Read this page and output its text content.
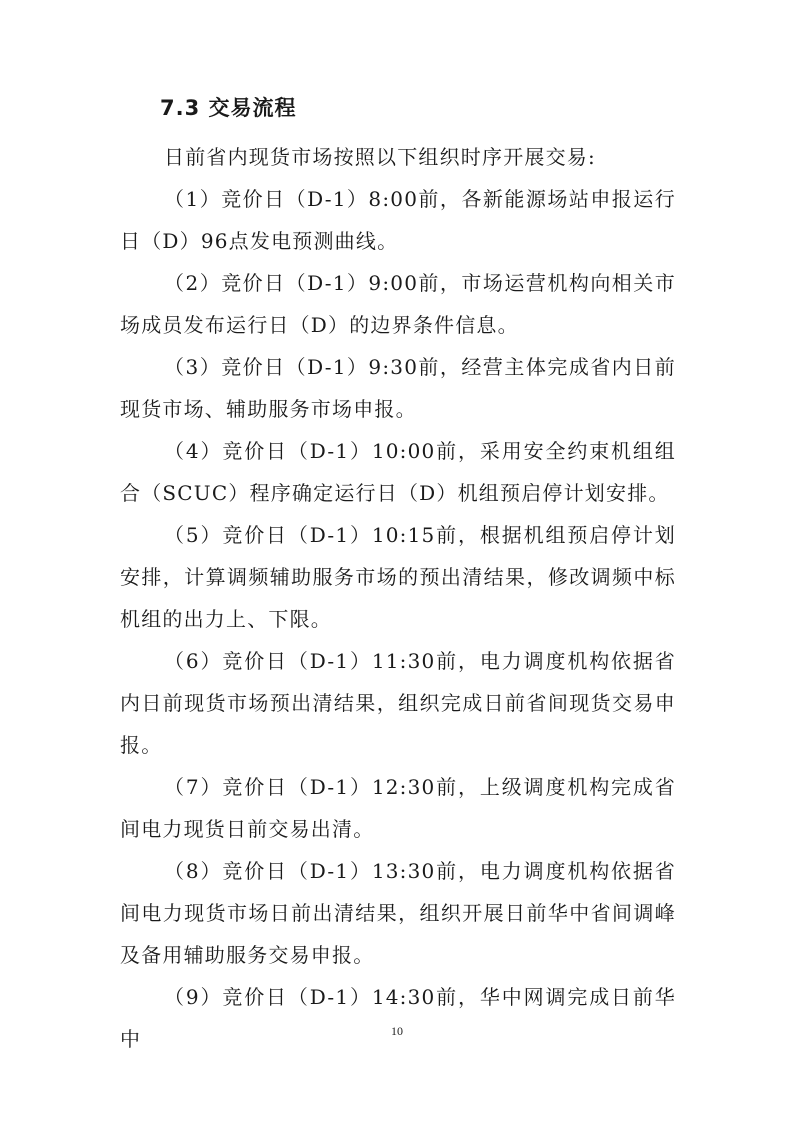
7.3 交易流程

日前省内现货市场按照以下组织时序开展交易:

（1）竞价日（D-1）8:00前，各新能源场站申报运行日（D）96点发电预测曲线。

（2）竞价日（D-1）9:00前，市场运营机构向相关市场成员发布运行日（D）的边界条件信息。

（3）竞价日（D-1）9:30前，经营主体完成省内日前现货市场、辅助服务市场申报。

（4）竞价日（D-1）10:00前，采用安全约束机组组合（SCUC）程序确定运行日（D）机组预启停计划安排。

（5）竞价日（D-1）10:15前，根据机组预启停计划安排，计算调频辅助服务市场的预出清结果，修改调频中标机组的出力上、下限。

（6）竞价日（D-1）11:30前，电力调度机构依据省内日前现货市场预出清结果，组织完成日前省间现货交易申报。

（7）竞价日（D-1）12:30前，上级调度机构完成省间电力现货日前交易出清。

（8）竞价日（D-1）13:30前，电力调度机构依据省间电力现货市场日前出清结果，组织开展日前华中省间调峰及备用辅助服务交易申报。

（9）竞价日（D-1）14:30前，华中网调完成日前华中	10
